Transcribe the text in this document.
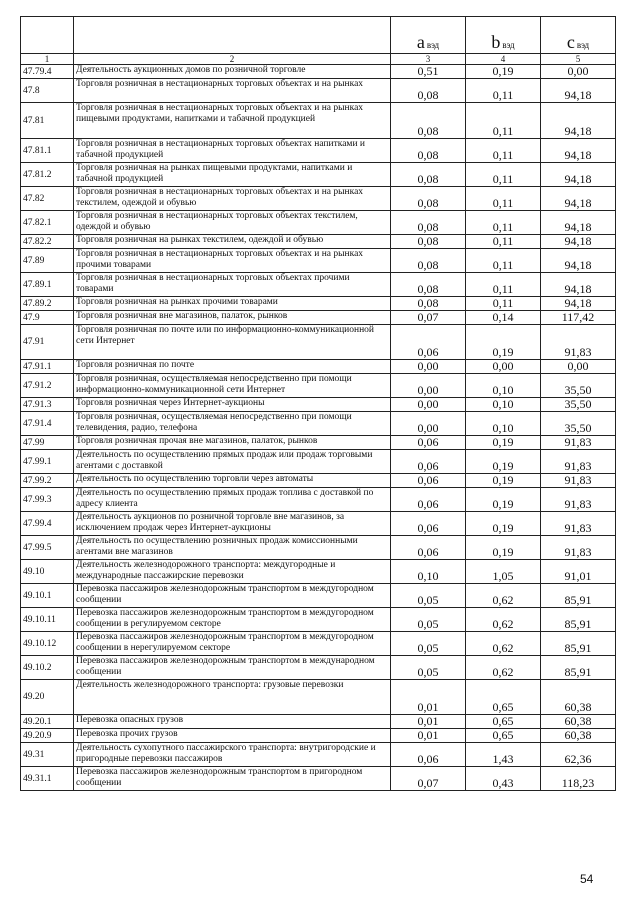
		a вэд	b вэд	c вэд
1	2	3	4	5
47.79.4	Деятельность аукционных домов по розничной торговле	0,51	0,19	0,00
47.8	Торговля розничная в нестационарных торговых объектах и на рынках	0,08	0,11	94,18
47.81	Торговля розничная в нестационарных торговых объектах и на рынках пищевыми продуктами, напитками и табачной продукцией	0,08	0,11	94,18
47.81.1	Торговля розничная в нестационарных торговых объектах напитками и табачной продукцией	0,08	0,11	94,18
47.81.2	Торговля розничная на рынках пищевыми продуктами, напитками и табачной продукцией	0,08	0,11	94,18
47.82	Торговля розничная в нестационарных торговых объектах и на рынках текстилем, одеждой и обувью	0,08	0,11	94,18
47.82.1	Торговля розничная в нестационарных торговых объектах текстилем, одеждой и обувью	0,08	0,11	94,18
47.82.2	Торговля розничная на рынках текстилем, одеждой и обувью	0,08	0,11	94,18
47.89	Торговля розничная в нестационарных торговых объектах и на рынках прочими товарами	0,08	0,11	94,18
47.89.1	Торговля розничная в нестационарных торговых объектах прочими товарами	0,08	0,11	94,18
47.89.2	Торговля розничная на рынках прочими товарами	0,08	0,11	94,18
47.9	Торговля розничная вне магазинов, палаток, рынков	0,07	0,14	117,42
47.91	Торговля розничная по почте или по информационно-коммуникационной сети Интернет	0,06	0,19	91,83
47.91.1	Торговля розничная по почте	0,00	0,00	0,00
47.91.2	Торговля розничная, осуществляемая непосредственно при помощи информационно-коммуникационной сети Интернет	0,00	0,10	35,50
47.91.3	Торговля розничная через Интернет-аукционы	0,00	0,10	35,50
47.91.4	Торговля розничная, осуществляемая непосредственно при помощи телевидения, радио, телефона	0,00	0,10	35,50
47.99	Торговля розничная прочая вне магазинов, палаток, рынков	0,06	0,19	91,83
47.99.1	Деятельность по осуществлению прямых продаж или продаж торговыми агентами с доставкой	0,06	0,19	91,83
47.99.2	Деятельность по осуществлению торговли через автоматы	0,06	0,19	91,83
47.99.3	Деятельность по осуществлению прямых продаж топлива с доставкой по адресу клиента	0,06	0,19	91,83
47.99.4	Деятельность аукционов по розничной торговле вне магазинов, за исключением продаж через Интернет-аукционы	0,06	0,19	91,83
47.99.5	Деятельность по осуществлению розничных продаж комиссионными агентами вне магазинов	0,06	0,19	91,83
49.10	Деятельность железнодорожного транспорта: междугородные и международные пассажирские перевозки	0,10	1,05	91,01
49.10.1	Перевозка пассажиров железнодорожным транспортом в междугородном сообщении	0,05	0,62	85,91
49.10.11	Перевозка пассажиров железнодорожным транспортом в междугородном сообщении в регулируемом секторе	0,05	0,62	85,91
49.10.12	Перевозка пассажиров железнодорожным транспортом в междугородном сообщении в нерегулируемом секторе	0,05	0,62	85,91
49.10.2	Перевозка пассажиров железнодорожным транспортом в международном сообщении	0,05	0,62	85,91
49.20	Деятельность железнодорожного транспорта: грузовые перевозки	0,01	0,65	60,38
49.20.1	Перевозка опасных грузов	0,01	0,65	60,38
49.20.9	Перевозка прочих грузов	0,01	0,65	60,38
49.31	Деятельность сухопутного пассажирского транспорта: внутригородские и пригородные перевозки пассажиров	0,06	1,43	62,36
49.31.1	Перевозка пассажиров железнодорожным транспортом в пригородном сообщении	0,07	0,43	118,23
54
